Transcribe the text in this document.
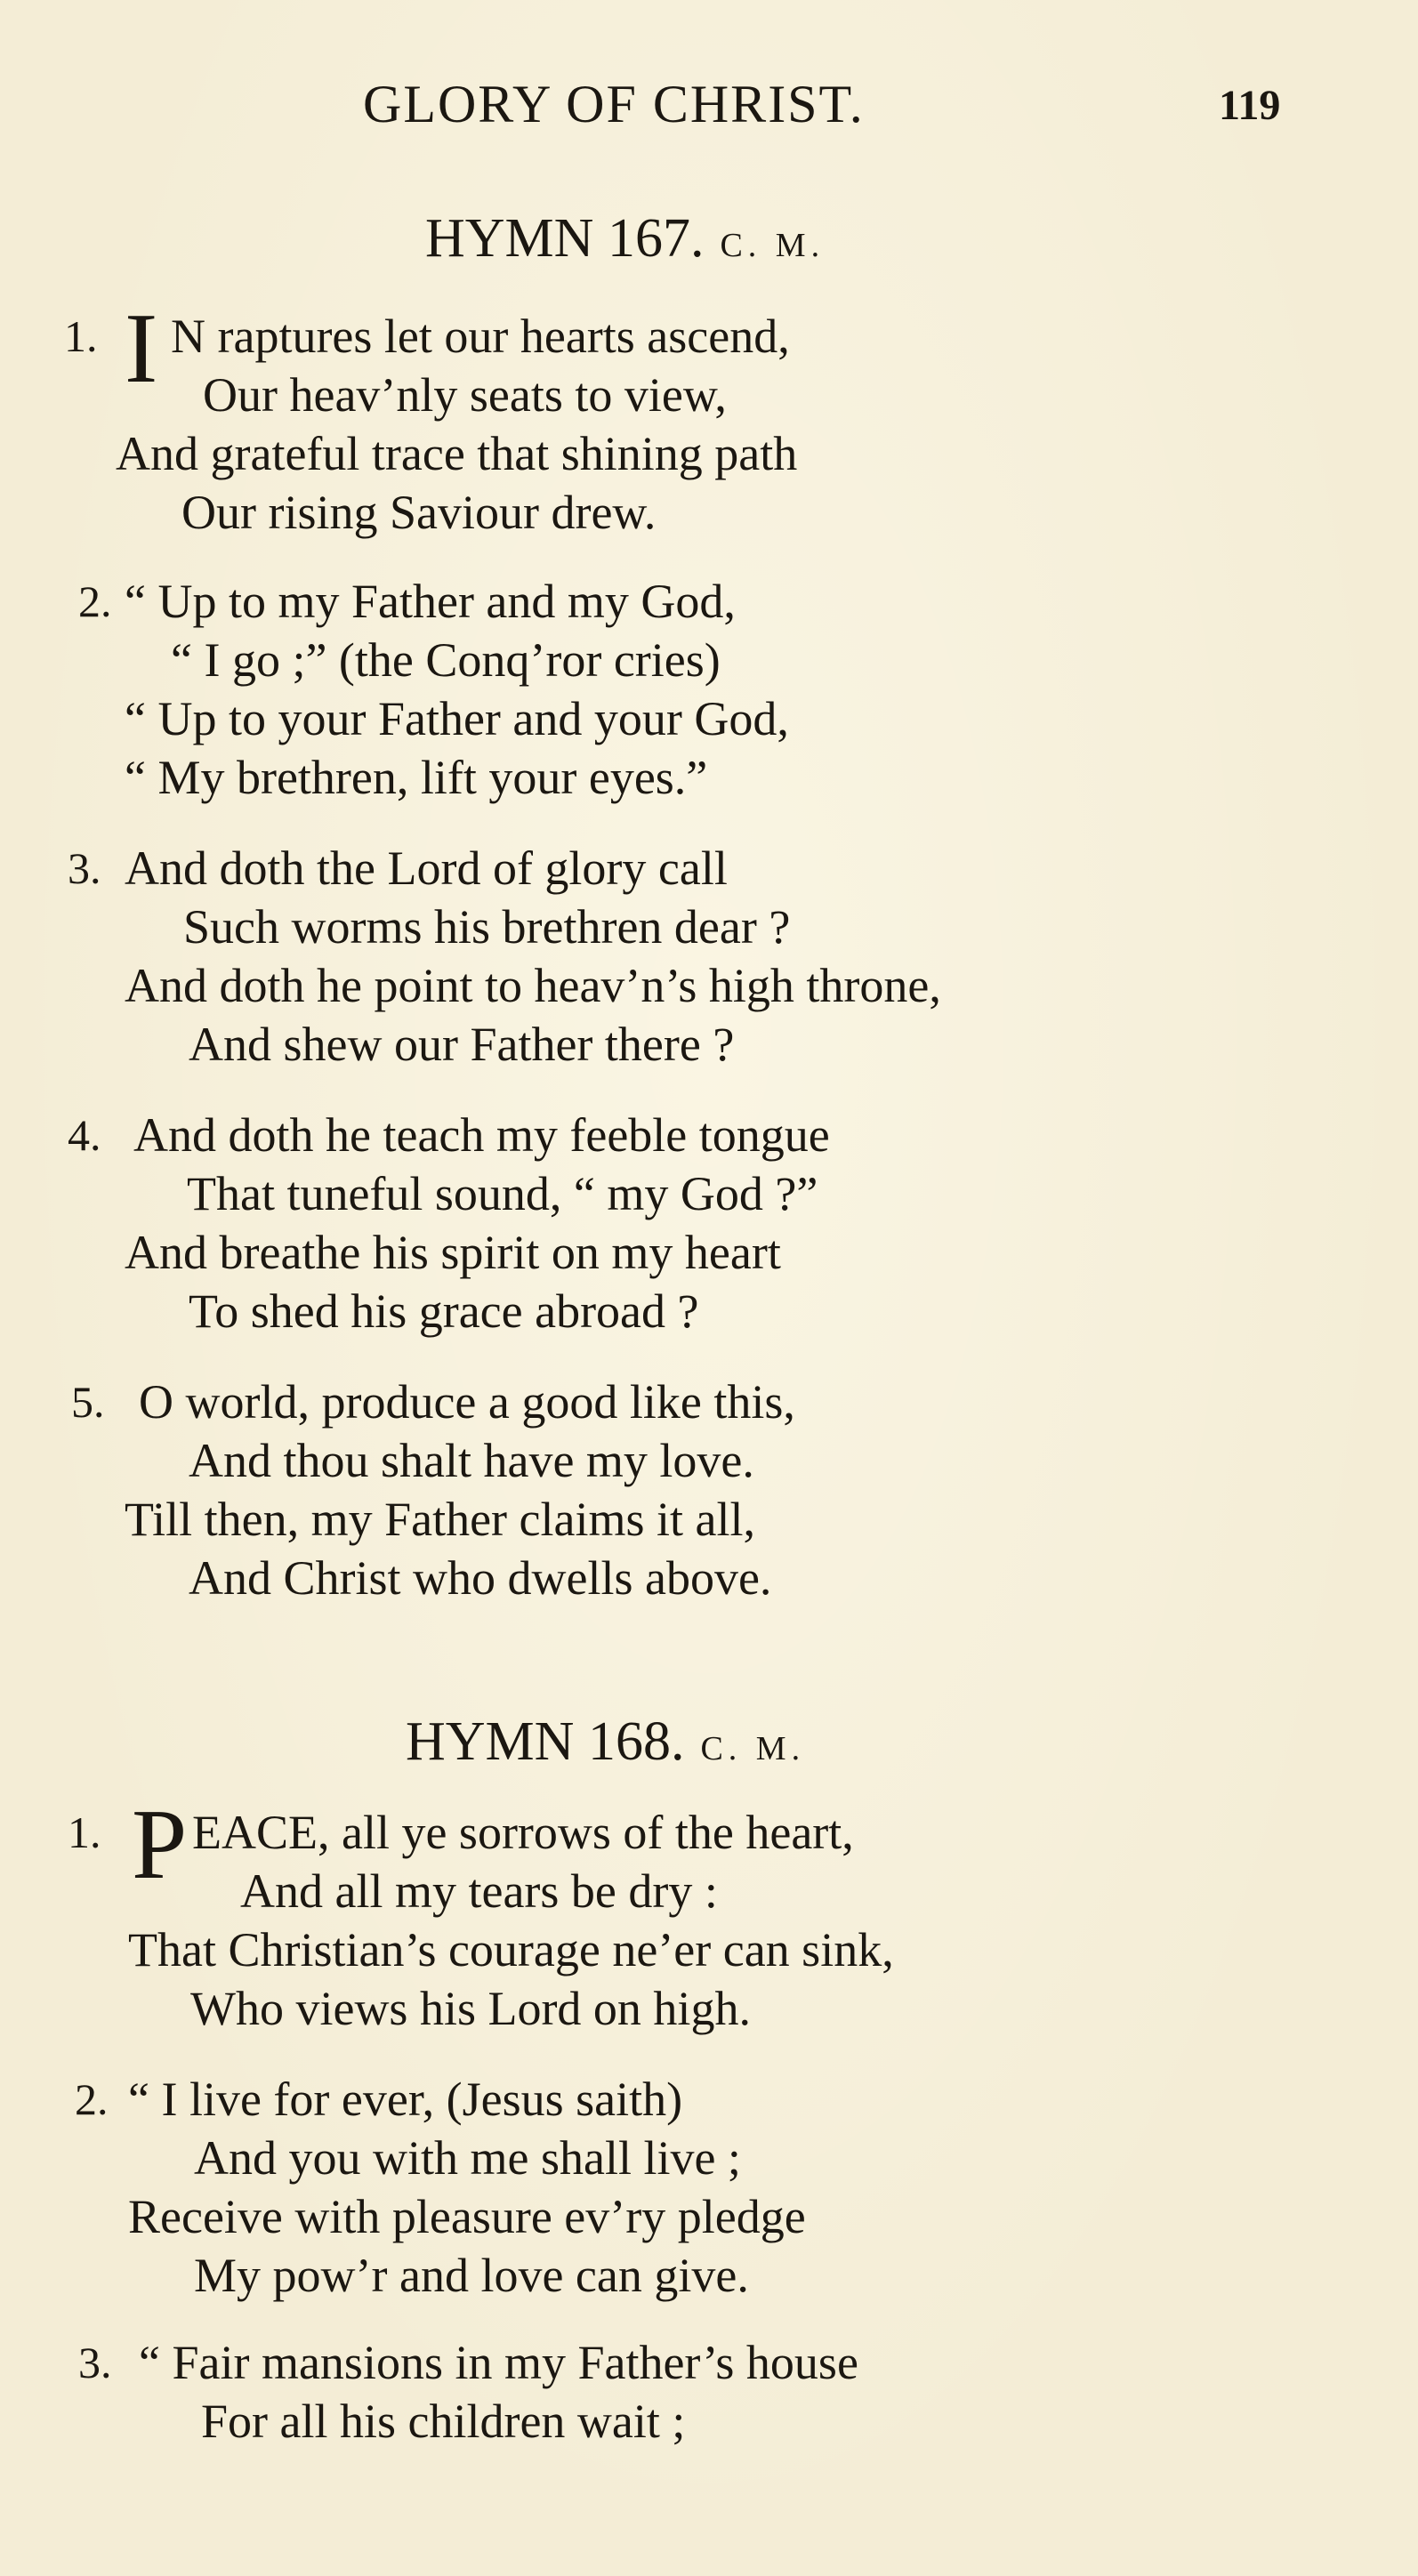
GLORY OF CHRIST.	119
HYMN 167. C. M.
1. I N raptures let our hearts ascend,
Our heav’nly seats to view,
And grateful trace that shining path
Our rising Saviour drew.
2. “ Up to my Father and my God,
“ I go ;” (the Conq’ror cries)
“ Up to your Father and your God,
“ My brethren, lift your eyes.”
3. And doth the Lord of glory call
Such worms his brethren dear ?
And doth he point to heav’n’s high throne,
And shew our Father there ?
4. And doth he teach my feeble tongue
That tuneful sound, “ my God ?”
And breathe his spirit on my heart
To shed his grace abroad ?
5. O world, produce a good like this,
And thou shalt have my love.
Till then, my Father claims it all,
And Christ who dwells above.
HYMN 168. C. M.
1. P EACE, all ye sorrows of the heart,
And all my tears be dry :
That Christian’s courage ne’er can sink,
Who views his Lord on high.
2. “ I live for ever, (Jesus saith)
And you with me shall live ;
Receive with pleasure ev’ry pledge
My pow’r and love can give.
3. “ Fair mansions in my Father’s house
For all his children wait ;
